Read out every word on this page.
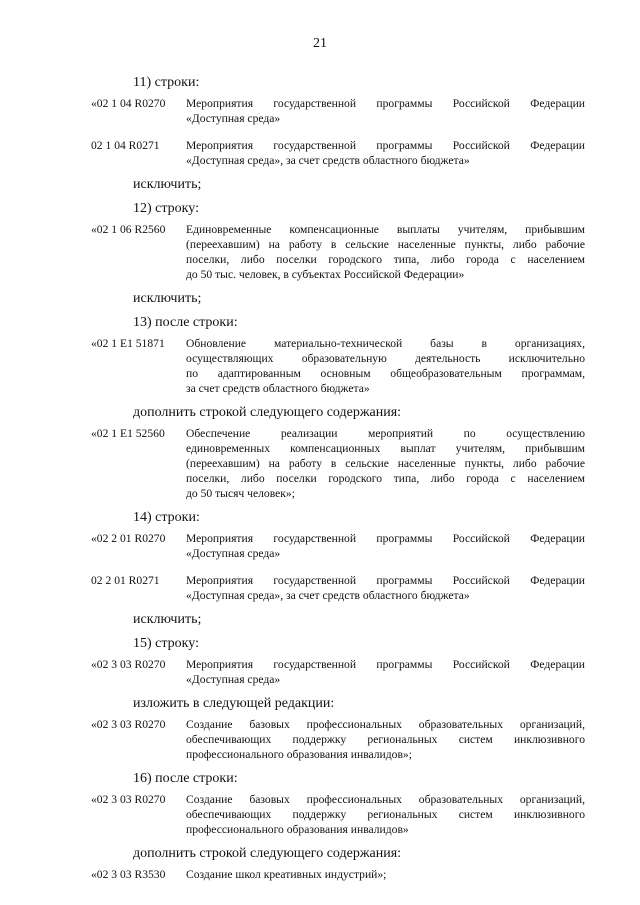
21
11) строки:
«02 1 04 R0270	Мероприятия государственной программы Российской Федерации
«Доступная среда»
02 1 04 R0271	Мероприятия государственной программы Российской Федерации
«Доступная среда», за счет средств областного бюджета»
исключить;
12) строку:
«02 1 06 R2560	Единовременные компенсационные выплаты учителям, прибывшим
(переехавшим) на работу в сельские населенные пункты, либо рабочие
поселки, либо поселки городского типа, либо города с населением
до 50 тыс. человек, в субъектах Российской Федерации»
исключить;
13) после строки:
«02 1 E1 51871	Обновление материально-технической базы в организациях,
осуществляющих образовательную деятельность исключительно
по адаптированным основным общеобразовательным программам,
за счет средств областного бюджета»
дополнить строкой следующего содержания:
«02 1 E1 52560	Обеспечение реализации мероприятий по осуществлению
единовременных компенсационных выплат учителям, прибывшим
(переехавшим) на работу в сельские населенные пункты, либо рабочие
поселки, либо поселки городского типа, либо города с населением
до 50 тысяч человек»;
14) строки:
«02 2 01 R0270	Мероприятия государственной программы Российской Федерации
«Доступная среда»
02 2 01 R0271	Мероприятия государственной программы Российской Федерации
«Доступная среда», за счет средств областного бюджета»
исключить;
15) строку:
«02 3 03 R0270	Мероприятия государственной программы Российской Федерации
«Доступная среда»
изложить в следующей редакции:
«02 3 03 R0270	Создание базовых профессиональных образовательных организаций,
обеспечивающих поддержку региональных систем инклюзивного
профессионального образования инвалидов»;
16) после строки:
«02 3 03 R0270	Создание базовых профессиональных образовательных организаций,
обеспечивающих поддержку региональных систем инклюзивного
профессионального образования инвалидов»
дополнить строкой следующего содержания:
«02 3 03 R3530	Создание школ креативных индустрий»;
